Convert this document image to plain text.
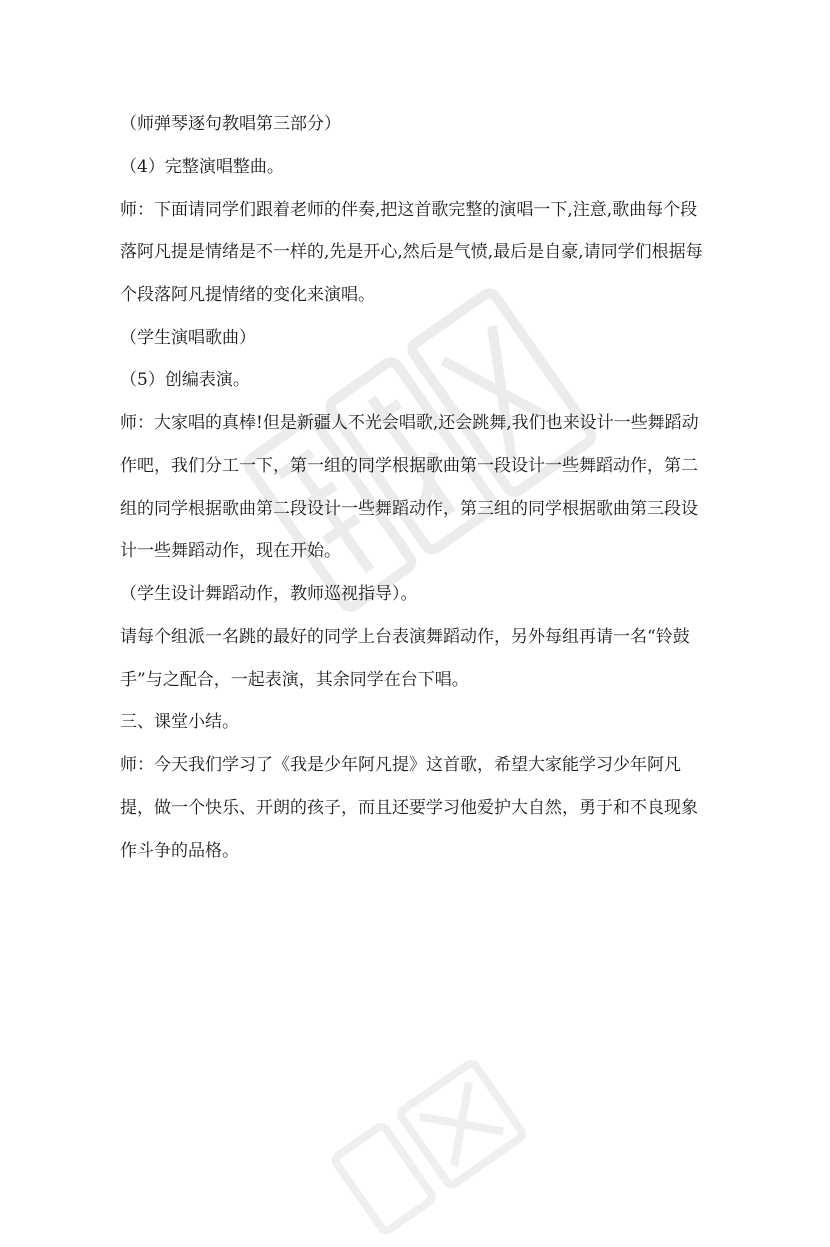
（师弹琴逐句教唱第三部分）
（4）完整演唱整曲。
师：下面请同学们跟着老师的伴奏,把这首歌完整的演唱一下,注意,歌曲每个段
落阿凡提是情绪是不一样的,先是开心,然后是气愤,最后是自豪,请同学们根据每
个段落阿凡提情绪的变化来演唱。
（学生演唱歌曲）
（5）创编表演。
师：大家唱的真棒!但是新疆人不光会唱歌,还会跳舞,我们也来设计一些舞蹈动
作吧，我们分工一下，第一组的同学根据歌曲第一段设计一些舞蹈动作，第二
组的同学根据歌曲第二段设计一些舞蹈动作，第三组的同学根据歌曲第三段设
计一些舞蹈动作，现在开始。
（学生设计舞蹈动作，教师巡视指导）。
请每个组派一名跳的最好的同学上台表演舞蹈动作，另外每组再请一名“铃鼓
手”与之配合，一起表演，其余同学在台下唱。
三、课堂小结。
师：今天我们学习了《我是少年阿凡提》这首歌，希望大家能学习少年阿凡
提，做一个快乐、开朗的孩子，而且还要学习他爱护大自然，勇于和不良现象
作斗争的品格。
